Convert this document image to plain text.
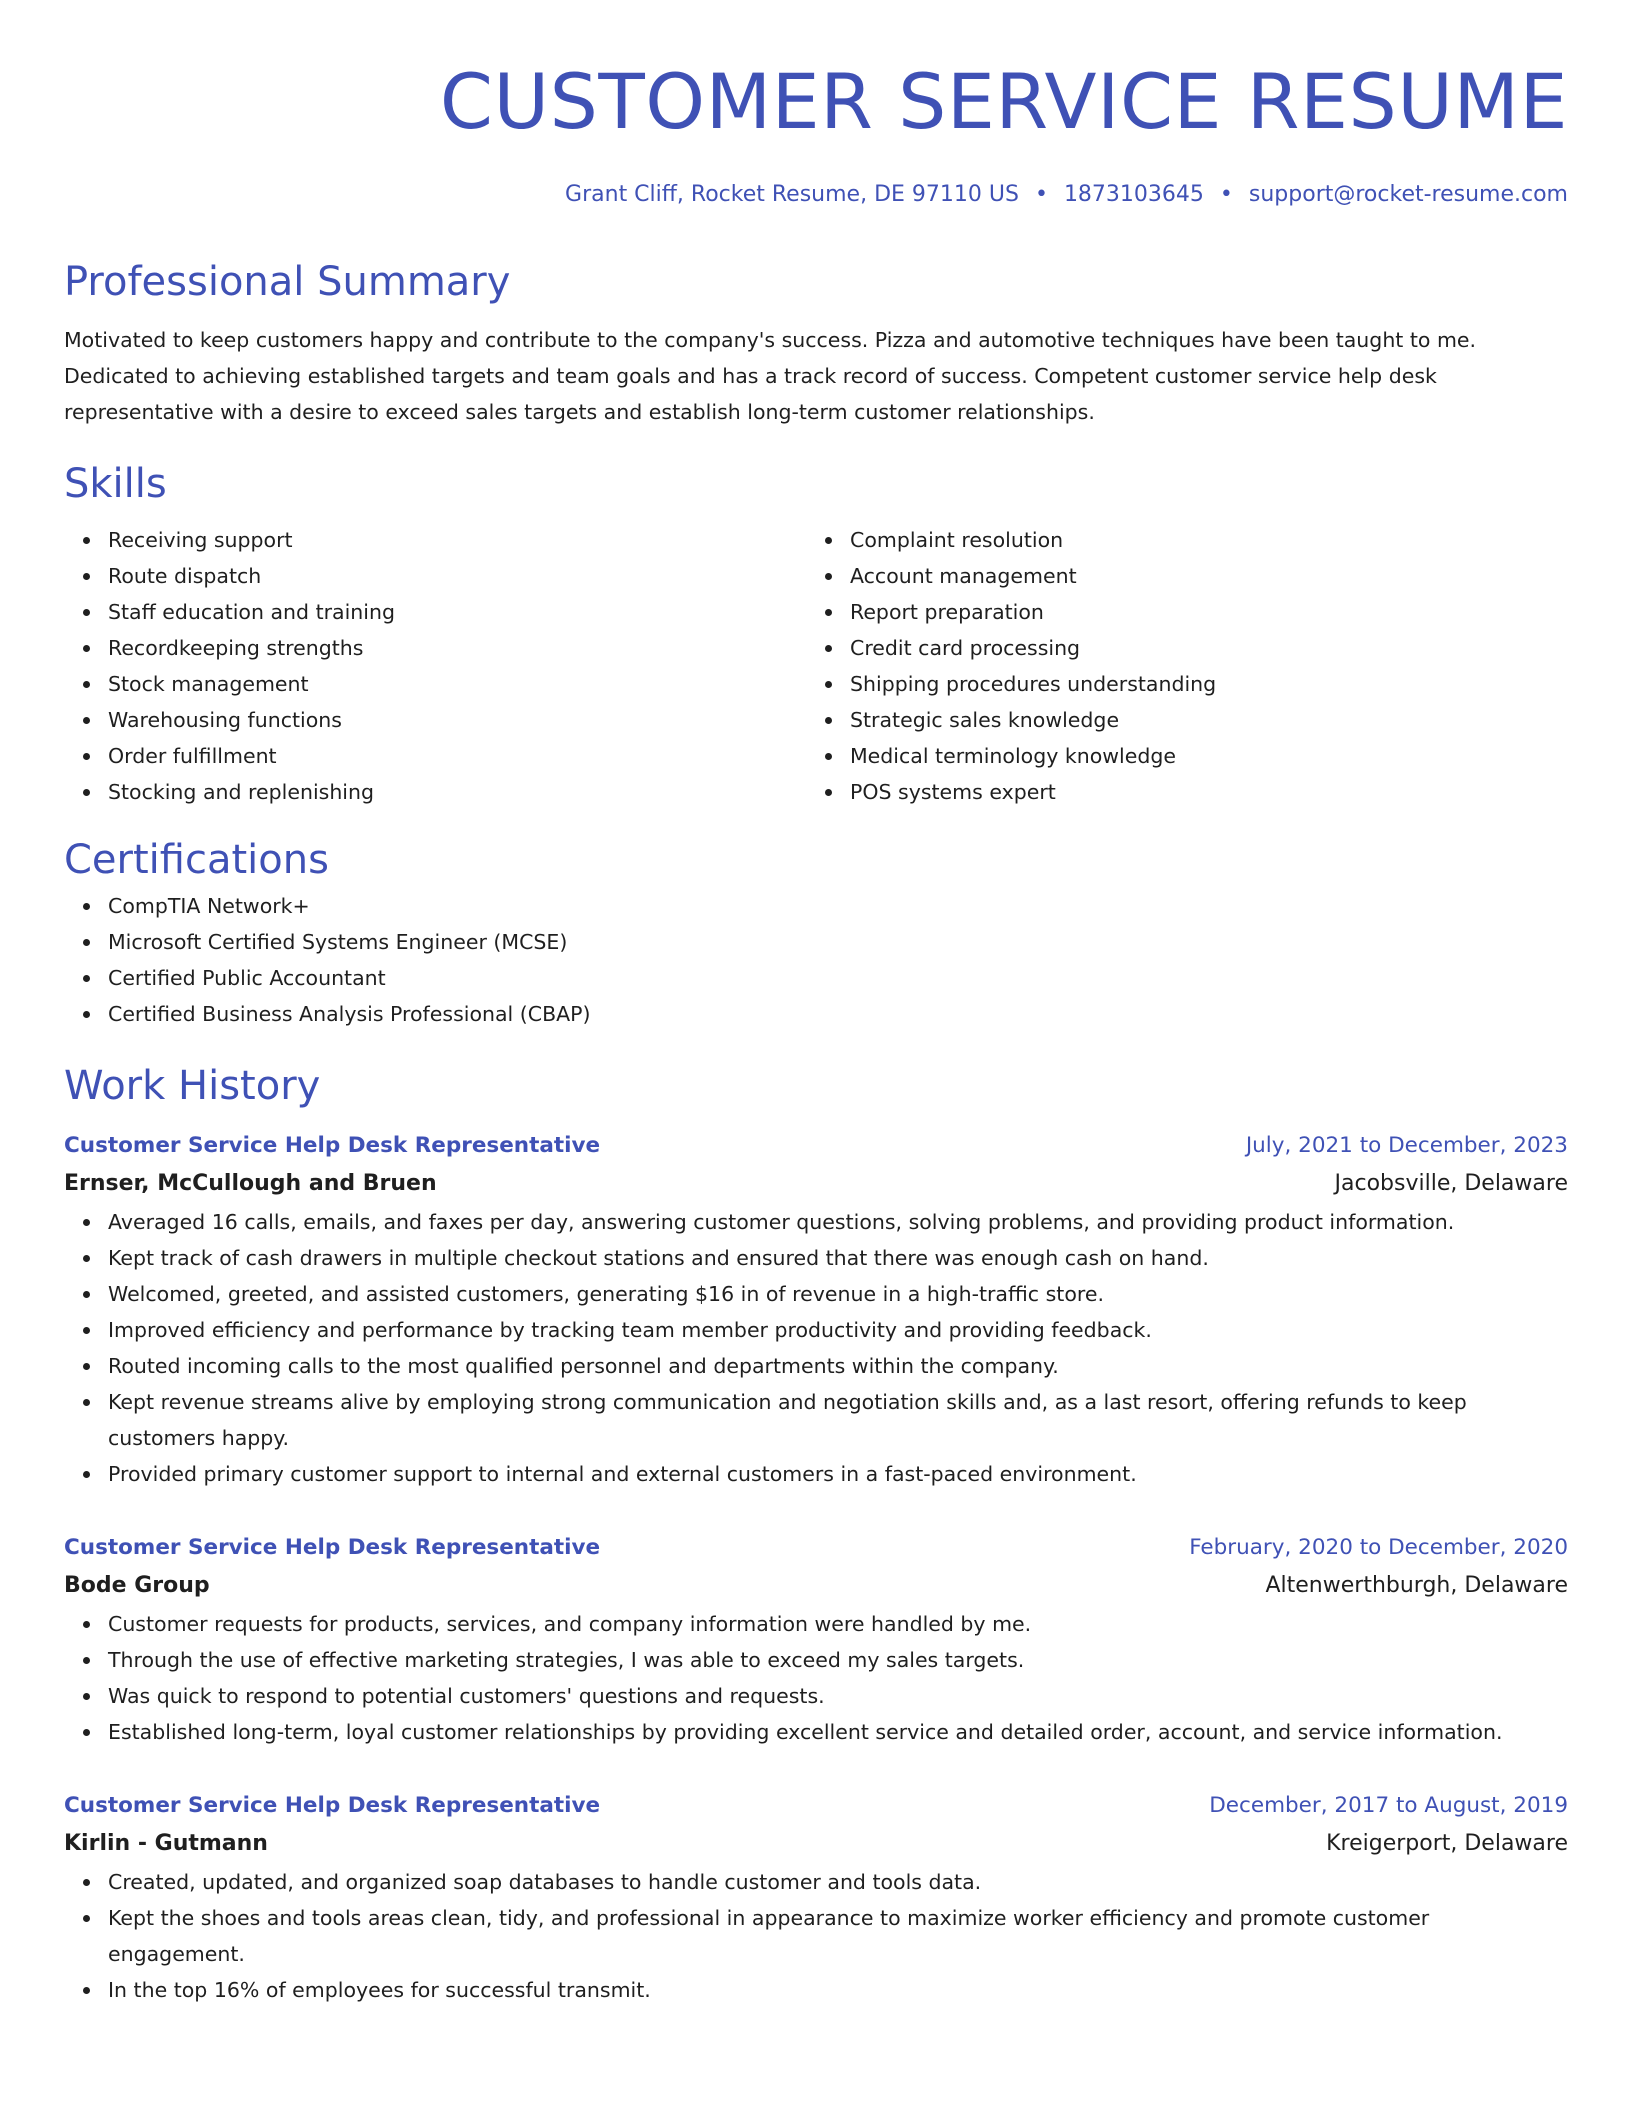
CUSTOMER SERVICE RESUME
Grant Cliff, Rocket Resume, DE 97110 US • 1873103645 • support@rocket-resume.com
Professional Summary
Motivated to keep customers happy and contribute to the company's success. Pizza and automotive techniques have been taught to me. Dedicated to achieving established targets and team goals and has a track record of success. Competent customer service help desk representative with a desire to exceed sales targets and establish long-term customer relationships.
Skills
Receiving support
Route dispatch
Staff education and training
Recordkeeping strengths
Stock management
Warehousing functions
Order fulfillment
Stocking and replenishing
Complaint resolution
Account management
Report preparation
Credit card processing
Shipping procedures understanding
Strategic sales knowledge
Medical terminology knowledge
POS systems expert
Certifications
CompTIA Network+
Microsoft Certified Systems Engineer (MCSE)
Certified Public Accountant
Certified Business Analysis Professional (CBAP)
Work History
Customer Service Help Desk Representative	July, 2021 to December, 2023
Ernser, McCullough and Bruen	Jacobsville, Delaware
Averaged 16 calls, emails, and faxes per day, answering customer questions, solving problems, and providing product information.
Kept track of cash drawers in multiple checkout stations and ensured that there was enough cash on hand.
Welcomed, greeted, and assisted customers, generating $16 in of revenue in a high-traffic store.
Improved efficiency and performance by tracking team member productivity and providing feedback.
Routed incoming calls to the most qualified personnel and departments within the company.
Kept revenue streams alive by employing strong communication and negotiation skills and, as a last resort, offering refunds to keep customers happy.
Provided primary customer support to internal and external customers in a fast-paced environment.
Customer Service Help Desk Representative	February, 2020 to December, 2020
Bode Group	Altenwerthburgh, Delaware
Customer requests for products, services, and company information were handled by me.
Through the use of effective marketing strategies, I was able to exceed my sales targets.
Was quick to respond to potential customers' questions and requests.
Established long-term, loyal customer relationships by providing excellent service and detailed order, account, and service information.
Customer Service Help Desk Representative	December, 2017 to August, 2019
Kirlin - Gutmann	Kreigerport, Delaware
Created, updated, and organized soap databases to handle customer and tools data.
Kept the shoes and tools areas clean, tidy, and professional in appearance to maximize worker efficiency and promote customer engagement.
In the top 16% of employees for successful transmit.
